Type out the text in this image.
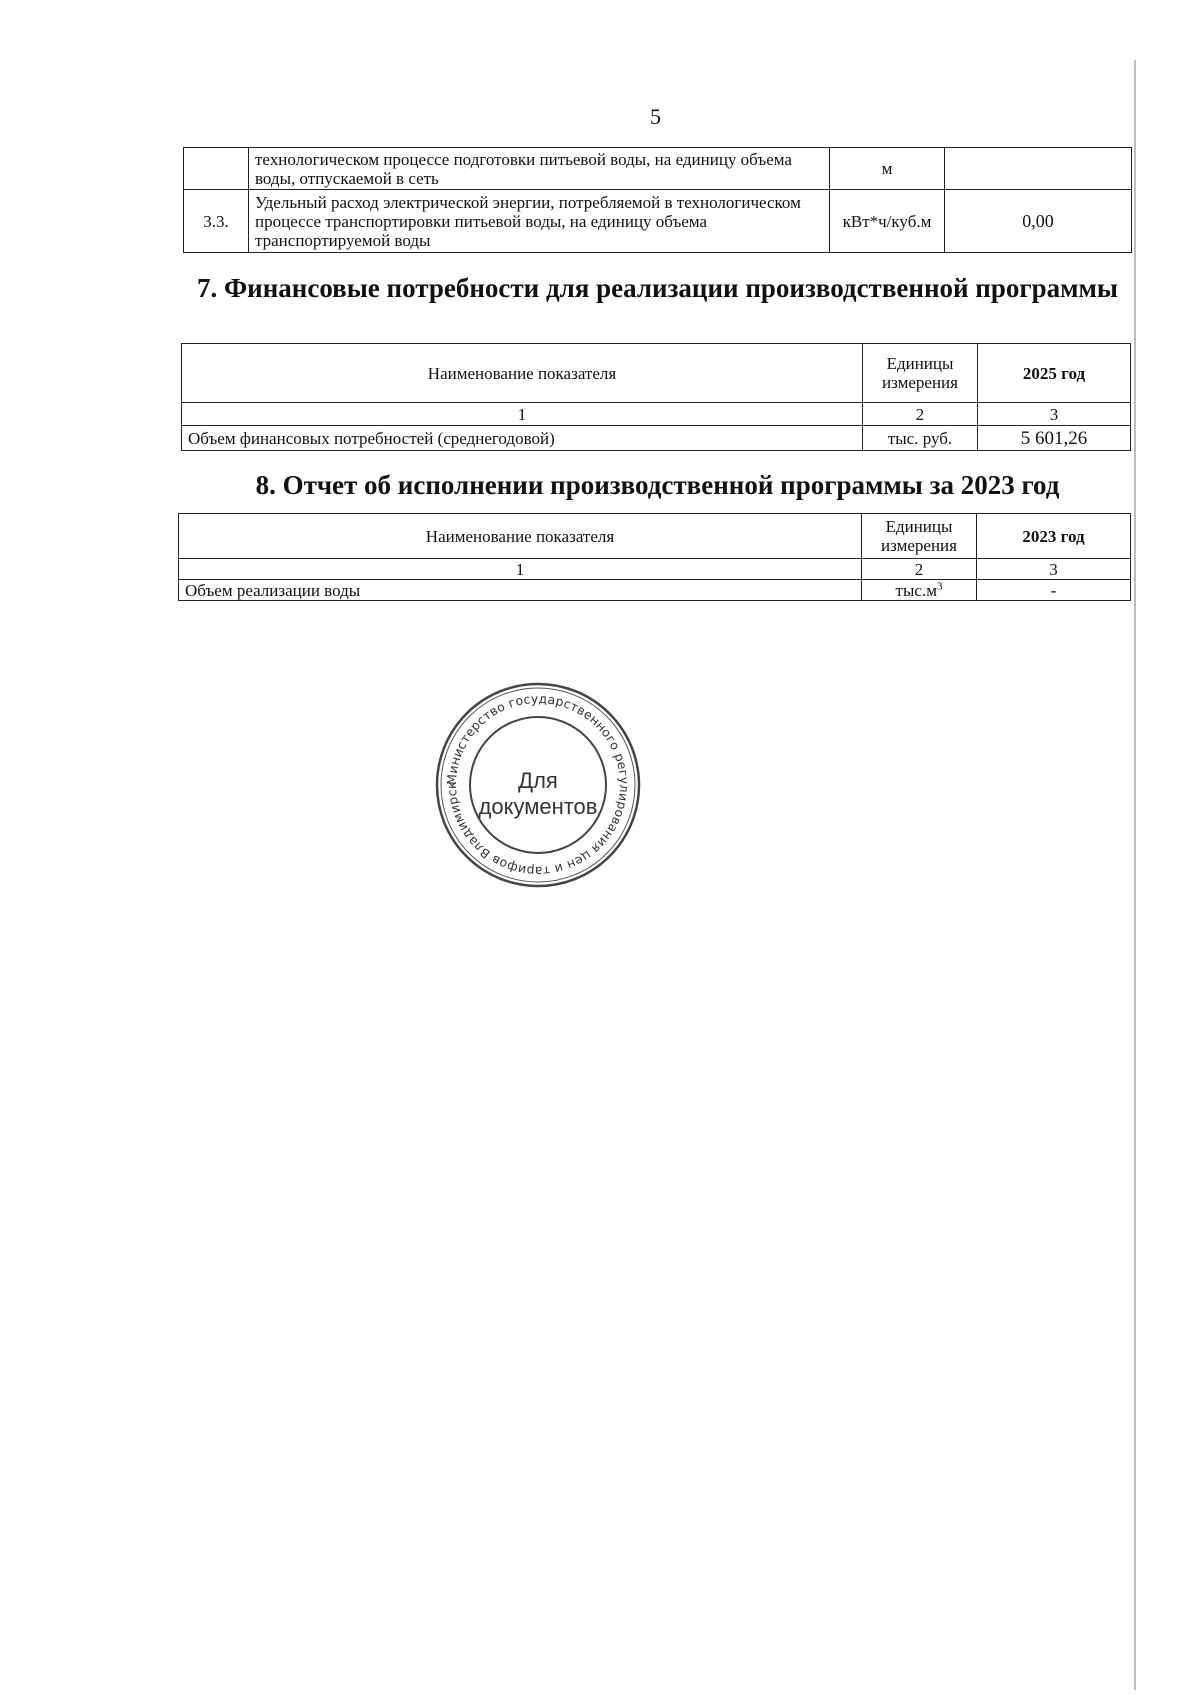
5
	технологическом процессе подготовки питьевой воды, на единицу объема воды, отпускаемой в сеть	м	
3.3.	Удельный расход электрической энергии, потребляемой в технологическом процессе транспортировки питьевой воды, на единицу объема транспортируемой воды	кВт*ч/куб.м	0,00
7. Финансовые потребности для реализации производственной программы
Наименование показателя	Единицы измерения	2025 год
1	2	3
Объем финансовых потребностей (среднегодовой)	тыс. руб.	5 601,26
8. Отчет об исполнении производственной программы за 2023 год
Наименование показателя	Единицы измерения	2023 год
1	2	3
Объем реализации воды	$тыс.м^3$	-
Министерство государственного регулирования цен и тарифов Владимирск	Для
документов
